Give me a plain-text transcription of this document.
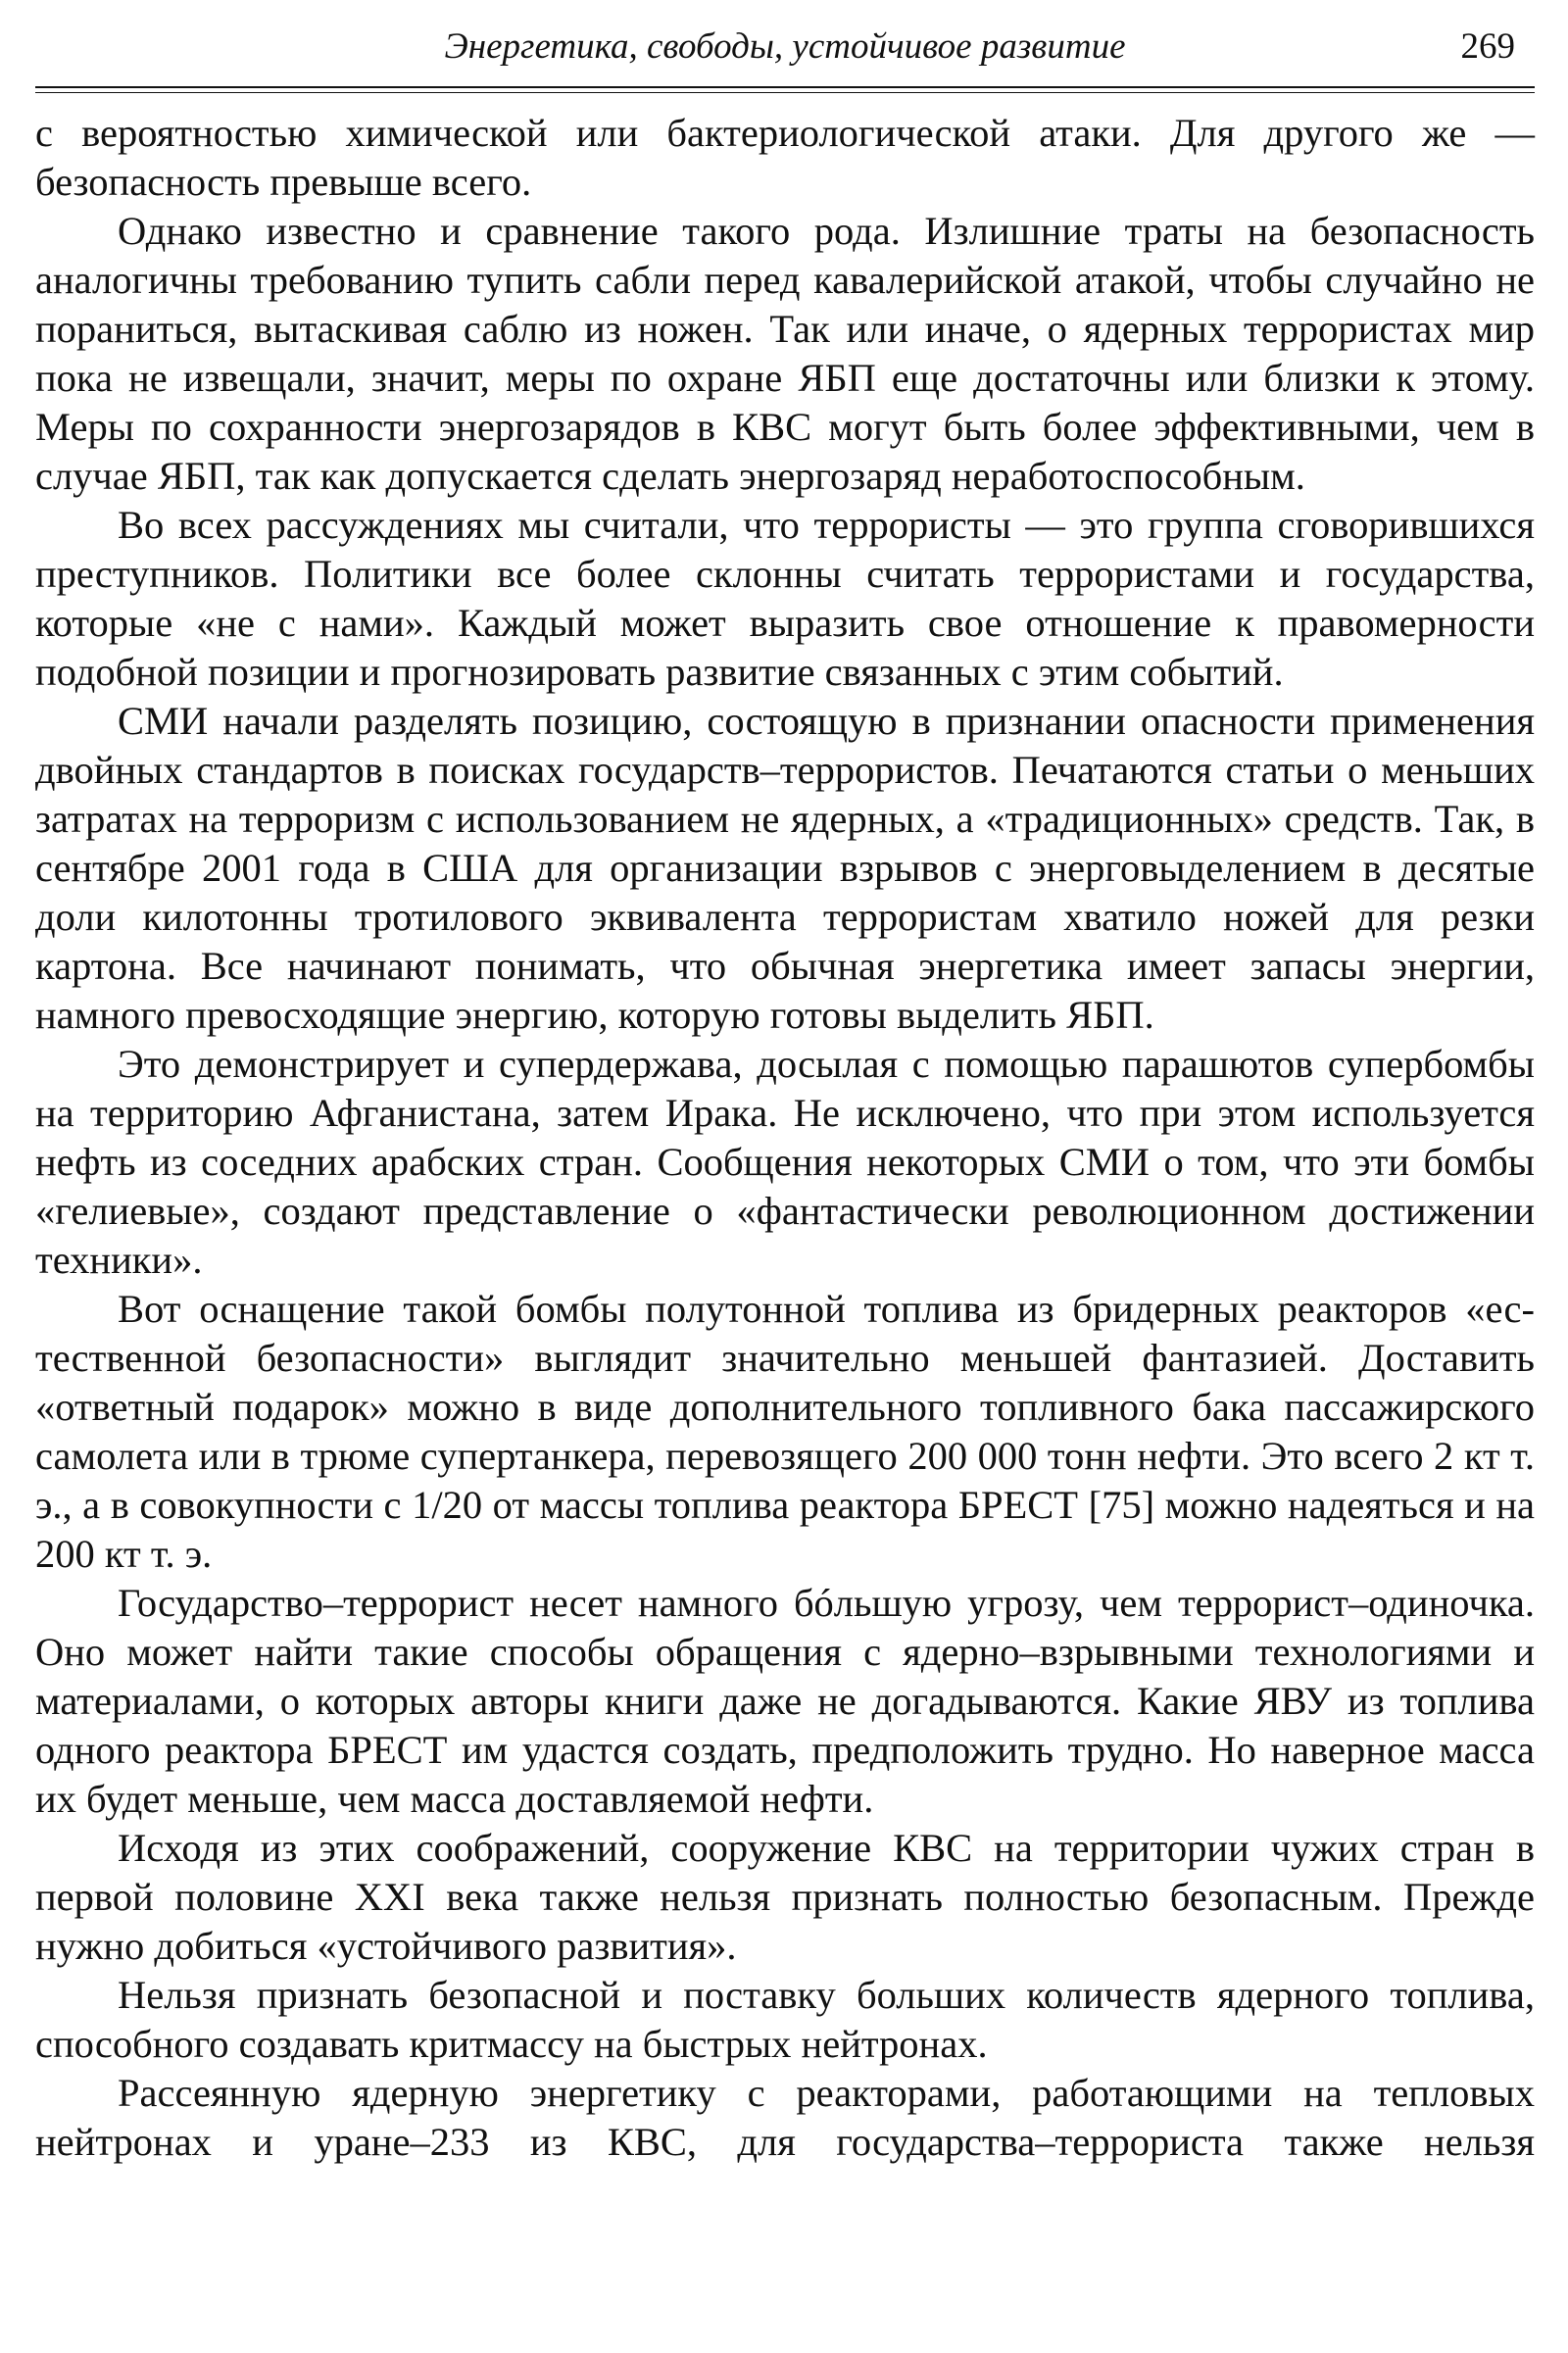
Энергетика, свободы, устойчивое развитие	269

с вероятностью химической или бактериологической атаки. Для другого же — безопасность превыше всего.

Однако известно и сравнение такого рода. Излишние траты на безопасность аналогичны требованию тупить сабли перед кавалерийской атакой, чтобы случайно не пораниться, вытаскивая саблю из ножен. Так или иначе, о ядерных террористах мир пока не извещали, значит, меры по охране ЯБП еще достаточны или близки к этому. Меры по сохранности энергозарядов в КВС могут быть более эффективными, чем в случае ЯБП, так как допускается сделать энергозаряд неработоспособным.

Во всех рассуждениях мы считали, что террористы — это группа сговорившихся преступников. Политики все более склонны считать террористами и государства, которые «не с нами». Каждый может выразить свое отношение к правомерности подобной позиции и прогнозировать развитие связанных с этим событий.

СМИ начали разделять позицию, состоящую в признании опасности применения двойных стандартов в поисках государств–террористов. Печатаются статьи о меньших затратах на терроризм с использованием не ядерных, а «традиционных» средств. Так, в сентябре 2001 года в США для организации взрывов с энерговыделением в десятые доли килотонны тротилового эквивалента террористам хватило ножей для резки картона. Все начинают понимать, что обычная энергетика имеет запасы энергии, намного превосходящие энергию, которую готовы выделить ЯБП.

Это демонстрирует и супердержава, досылая с помощью парашютов супербомбы на территорию Афганистана, затем Ирака. Не исключено, что при этом используется нефть из соседних арабских стран. Сообщения некоторых СМИ о том, что эти бомбы «гелиевые», создают представление о «фантастически революционном достижении техники».

Вот оснащение такой бомбы полутонной топлива из бридерных реакторов «естественной безопасности» выглядит значительно меньшей фантазией. Доставить «ответный подарок» можно в виде дополнительного топливного бака пассажирского самолета или в трюме супертанкера, перевозящего 200 000 тонн нефти. Это всего 2 кт т. э., а в совокупности с 1/20 от массы топлива реактора БРЕСТ [75] можно надеяться и на 200 кт т. э.

Государство–террорист несет намного бóльшую угрозу, чем террорист–одиночка. Оно может найти такие способы обращения с ядерно–взрывными технологиями и материалами, о которых авторы книги даже не догадываются. Какие ЯВУ из топлива одного реактора БРЕСТ им удастся создать, предположить трудно. Но наверное масса их будет меньше, чем масса доставляемой нефти.

Исходя из этих соображений, сооружение КВС на территории чужих стран в первой половине XXI века также нельзя признать полностью безопасным. Прежде нужно добиться «устойчивого развития».

Нельзя признать безопасной и поставку больших количеств ядерного топлива, способного создавать критмассу на быстрых нейтронах.

Рассеянную ядерную энергетику с реакторами, работающими на тепловых нейтронах и уране–233 из КВС, для государства–террориста также нельзя
